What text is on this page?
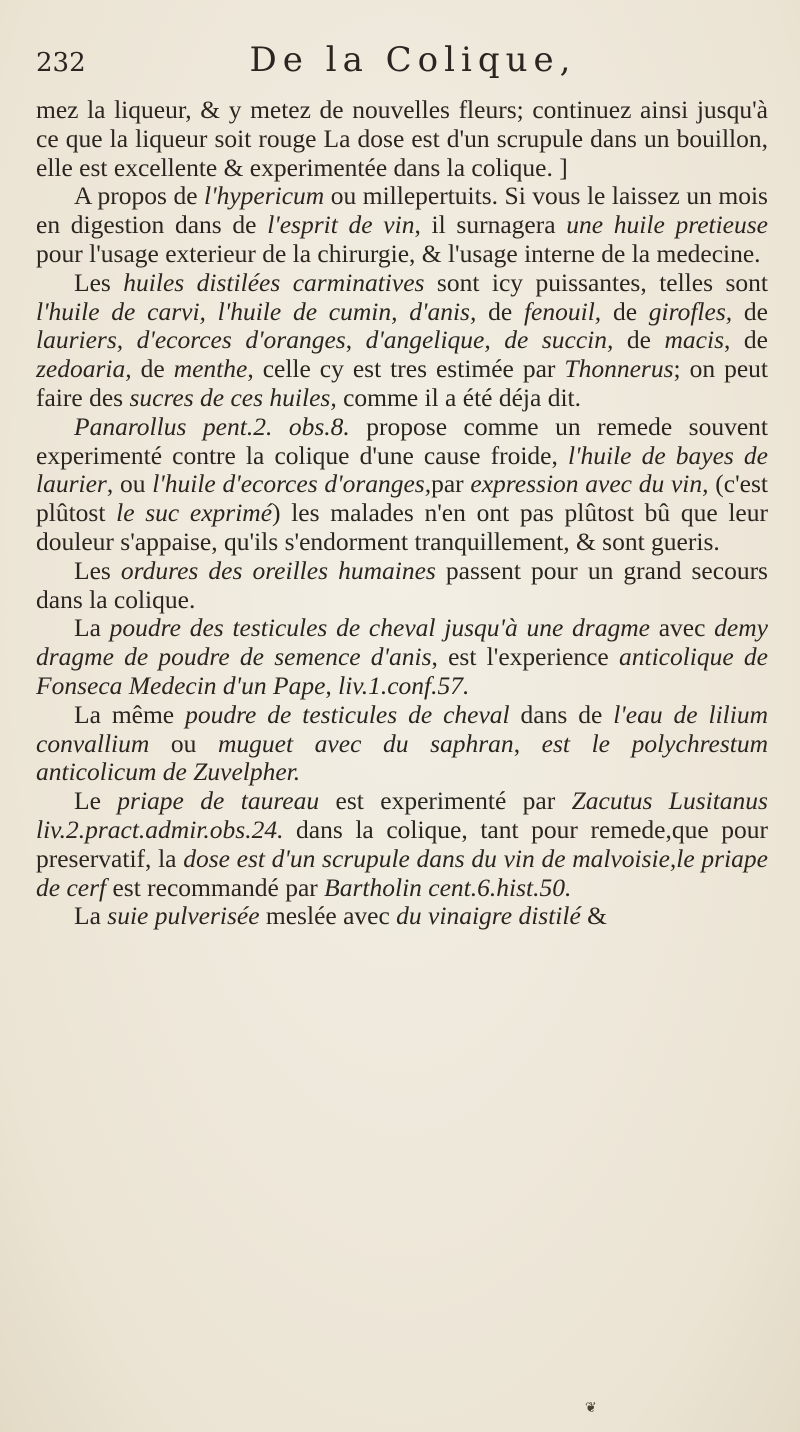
232	De la Colique,

mez la liqueur, & y metez de nouvelles fleurs; continuez ainsi jusqu'à ce que la liqueur soit rouge La dose est d'un scrupule dans un bouillon, elle est excellente & experimentée dans la colique. ]

A propos de l'hypericum ou millepertuits. Si vous le laissez un mois en digestion dans de l'esprit de vin, il surnagera une huile pretieuse pour l'usage exterieur de la chirurgie, & l'usage interne de la medecine.

Les huiles distilées carminatives sont icy puissantes, telles sont l'huile de carvi, l'huile de cumin, d'anis, de fenouil, de girofles, de lauriers, d'ecorces d'oranges, d'angelique, de succin, de macis, de zedoaria, de menthe, celle cy est tres estimée par Thonnerus; on peut faire des sucres de ces huiles, comme il a été déja dit.

Panarollus pent.2. obs.8. propose comme un remede souvent experimenté contre la colique d'une cause froide, l'huile de bayes de laurier, ou l'huile d'ecorces d'oranges,par expression avec du vin, (c'est plûtost le suc exprimé) les malades n'en ont pas plûtost bû que leur douleur s'appaise, qu'ils s'endorment tranquillement, & sont gueris.

Les ordures des oreilles humaines passent pour un grand secours dans la colique.

La poudre des testicules de cheval jusqu'à une dragme avec demy dragme de poudre de semence d'anis, est l'experience anticolique de Fonseca Medecin d'un Pape, liv.1.conf.57.

La même poudre de testicules de cheval dans de l'eau de lilium convallium ou muguet avec du saphran, est le polychrestum anticolicum de Zuvelpher.

Le priape de taureau est experimenté par Zacutus Lusitanus liv.2.pract.admir.obs.24. dans la colique, tant pour remede,que pour preservatif, la dose est d'un scrupule dans du vin de malvoisie,le priape de cerf est recommandé par Bartholin cent.6.hist.50.

La suie pulverisée meslée avec du vinaigre distilé &

❦
